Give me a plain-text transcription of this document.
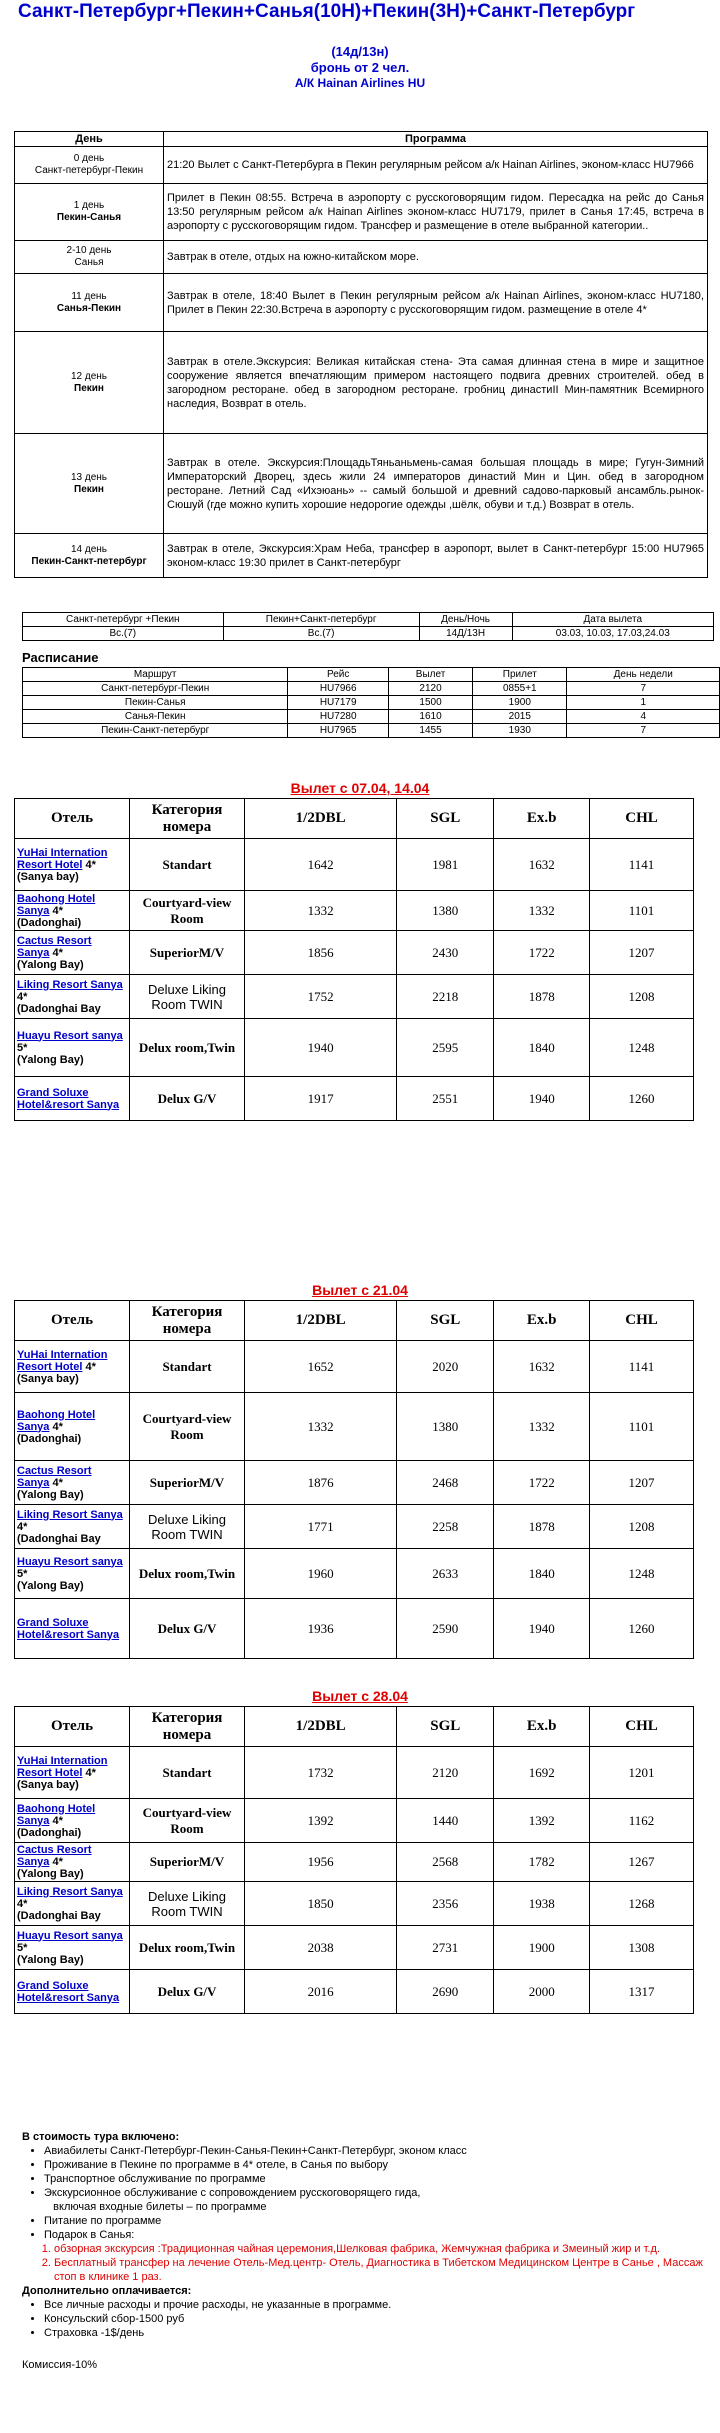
Санкт-Петербург+Пекин+Санья(10Н)+Пекин(3Н)+Санкт-Петербург
(14д/13н)
бронь от 2 чел.
А/К Hainan Airlines HU
День	Программа
0 день
Санкт-петербург-Пекин	21:20 Вылет с Санкт-Петербурга в Пекин регулярным рейсом а/к Hainan Airlines, эконом-класс HU7966
1 день
Пекин-Санья	Прилет в Пекин 08:55. Встреча в аэропорту с русскоговорящим гидом. Пересадка на рейс до Санья 13:50 регулярным рейсом а/к Hainan Airlines эконом-класс HU7179, прилет в Санья 17:45, встреча в аэропорту с русскоговорящим гидом. Трансфер и размещение в отеле выбранной категории..
2-10 день
Санья	Завтрак в отеле, отдых на южно-китайском море.
11 день
Санья-Пекин	Завтрак в отеле, 18:40 Вылет в Пекин регулярным рейсом а/к Hainan Airlines, эконом-класс HU7180, Прилет в Пекин 22:30.Встреча в аэропорту с русскоговорящим гидом. размещение в отеле 4*
12 день
Пекин	Завтрак в отеле.Экскурсия: Великая китайская стена- Эта самая длинная стена в мире и защитное сооружение является впечатляющим примером настоящего подвига древних строителей. обед в загородном ресторане. обед в загородном ресторане. гробниц династиII Мин-памятник Всемирного наследия, Возврат в отель.
13 день
Пекин	Завтрак в отеле. Экскурсия:ПлощадьТяньаньмень-самая большая площадь в мире; Гугун-Зимний Императорский Дворец, здесь жили 24 императоров династий Мин и Цин. обед в загородном ресторане. Летний Сад «Ихэюань» -- самый большой и древний садово-парковый ансамбль.рынок-Сюшуй (где можно купить хорошие недорогие одежды ,шёлк, обуви и т.д.) Возврат в отель.
14 день
Пекин-Санкт-петербург	Завтрак в отеле, Экскурсия:Храм Неба, трансфер в аэропорт, вылет в Санкт-петербург 15:00 HU7965 эконом-класс 19:30 прилет в Санкт-петербург
Санкт-петербург +Пекин	Пекин+Санкт-петербург	День/Ночь	Дата вылета
Вс.(7)	Вс.(7)	14Д/13Н	03.03, 10.03, 17.03,24.03
Расписание
Маршрут	Рейс	Вылет	Прилет	День недели
Санкт-петербург-Пекин	HU7966	2120	0855+1	7
Пекин-Санья	HU7179	1500	1900	1
Санья-Пекин	HU7280	1610	2015	4
Пекин-Санкт-петербург	HU7965	1455	1930	7
Вылет с 07.04, 14.04
Отель	Категория номера	1/2DBL	SGL	Ex.b	CHL
YuHai Internation Resort Hotel 4*
(Sanya bay)	Standart	1642	1981	1632	1141
Baohong Hotel Sanya 4*
(Dadonghai)	Courtyard-view Room	1332	1380	1332	1101
Cactus Resort Sanya 4*
(Yalong Bay)	SuperiorM/V	1856	2430	1722	1207
Liking Resort Sanya 4*
(Dadonghai Bay	Deluxe Liking Room TWIN	1752	2218	1878	1208
Huayu Resort sanya 5*
(Yalong Bay)	Delux room,Twin	1940	2595	1840	1248
Grand Soluxe Hotel&resort Sanya	Delux G/V	1917	2551	1940	1260
Вылет с 21.04
Отель	Категория номера	1/2DBL	SGL	Ex.b	CHL
YuHai Internation Resort Hotel 4*
(Sanya bay)	Standart	1652	2020	1632	1141
Baohong Hotel Sanya 4*
(Dadonghai)	Courtyard-view Room	1332	1380	1332	1101
Cactus Resort Sanya 4*
(Yalong Bay)	SuperiorM/V	1876	2468	1722	1207
Liking Resort Sanya 4*
(Dadonghai Bay	Deluxe Liking Room TWIN	1771	2258	1878	1208
Huayu Resort sanya 5*
(Yalong Bay)	Delux room,Twin	1960	2633	1840	1248
Grand Soluxe Hotel&resort Sanya	Delux G/V	1936	2590	1940	1260
Вылет с 28.04
Отель	Категория номера	1/2DBL	SGL	Ex.b	CHL
YuHai Internation Resort Hotel 4*
(Sanya bay)	Standart	1732	2120	1692	1201
Baohong Hotel Sanya 4*
(Dadonghai)	Courtyard-view Room	1392	1440	1392	1162
Cactus Resort Sanya 4*
(Yalong Bay)	SuperiorM/V	1956	2568	1782	1267
Liking Resort Sanya 4*
(Dadonghai Bay	Deluxe Liking Room TWIN	1850	2356	1938	1268
Huayu Resort sanya 5*
(Yalong Bay)	Delux room,Twin	2038	2731	1900	1308
Grand Soluxe Hotel&resort Sanya	Delux G/V	2016	2690	2000	1317
В стоимость тура включено:
• Авиабилеты Санкт-Петербург-Пекин-Санья-Пекин+Санкт-Петербург, эконом класс
• Проживание в Пекине по программе в 4* отеле, в Санья по выбору
• Транспортное обслуживание по программе
• Экскурсионное обслуживание с сопровождением русскоговорящего гида,
включая входные билеты – по программе
• Питание по программе
• Подарок в Санья:
1. обзорная экскурсия :Традиционная чайная церемония,Шелковая фабрика, Жемчужная фабрика и Змеиный жир и т.д.
2. Бесплатный трансфер на лечение Отель-Мед.центр- Отель, Диагностика в Тибетском Медицинском Центре в Санье , Массаж стоп в клинике 1 раз.
Дополнительно оплачивается:
• Все личные расходы и прочие расходы, не указанные в программе.
• Консульский сбор-1500 руб
• Страховка -1$/день
Комиссия-10%
